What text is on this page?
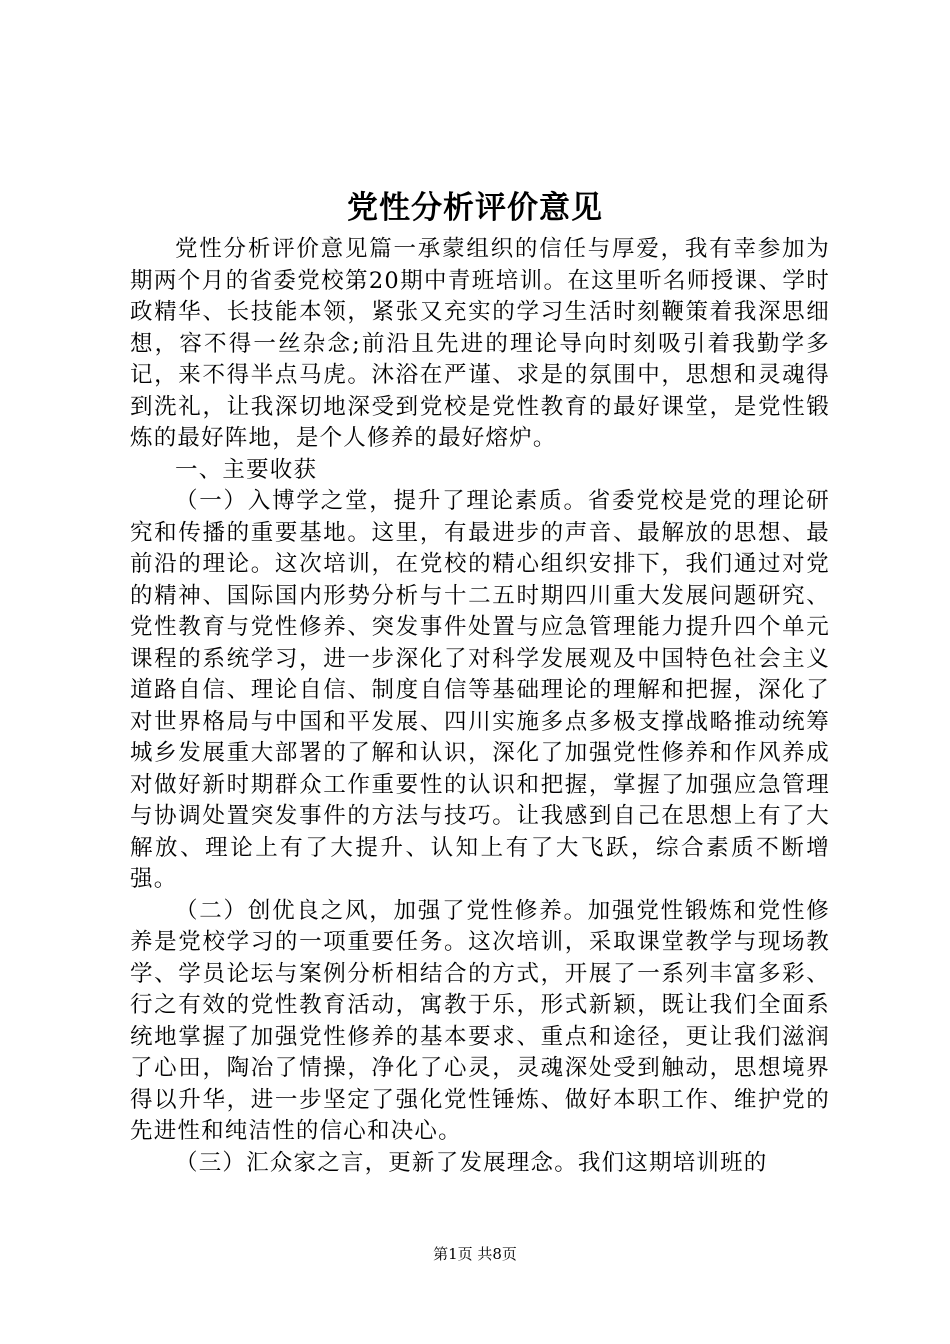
党性分析评价意见

党性分析评价意见篇一承蒙组织的信任与厚爱，我有幸参加为期两个月的省委党校第20期中青班培训。在这里听名师授课、学时政精华、长技能本领，紧张又充实的学习生活时刻鞭策着我深思细想，容不得一丝杂念;前沿且先进的理论导向时刻吸引着我勤学多记，来不得半点马虎。沐浴在严谨、求是的氛围中，思想和灵魂得到洗礼，让我深切地深受到党校是党性教育的最好课堂，是党性锻炼的最好阵地，是个人修养的最好熔炉。

一、主要收获

（一）入博学之堂，提升了理论素质。省委党校是党的理论研究和传播的重要基地。这里，有最进步的声音、最解放的思想、最前沿的理论。这次培训，在党校的精心组织安排下，我们通过对党的精神、国际国内形势分析与十二五时期四川重大发展问题研究、党性教育与党性修养、突发事件处置与应急管理能力提升四个单元课程的系统学习，进一步深化了对科学发展观及中国特色社会主义道路自信、理论自信、制度自信等基础理论的理解和把握，深化了对世界格局与中国和平发展、四川实施多点多极支撑战略推动统筹城乡发展重大部署的了解和认识，深化了加强党性修养和作风养成对做好新时期群众工作重要性的认识和把握，掌握了加强应急管理与协调处置突发事件的方法与技巧。让我感到自己在思想上有了大解放、理论上有了大提升、认知上有了大飞跃，综合素质不断增强。

（二）创优良之风，加强了党性修养。加强党性锻炼和党性修养是党校学习的一项重要任务。这次培训，采取课堂教学与现场教学、学员论坛与案例分析相结合的方式，开展了一系列丰富多彩、行之有效的党性教育活动，寓教于乐，形式新颖，既让我们全面系统地掌握了加强党性修养的基本要求、重点和途径，更让我们滋润了心田，陶冶了情操，净化了心灵，灵魂深处受到触动，思想境界得以升华，进一步坚定了强化党性锤炼、做好本职工作、维护党的先进性和纯洁性的信心和决心。

（三）汇众家之言，更新了发展理念。我们这期培训班的

第1页 共8页
